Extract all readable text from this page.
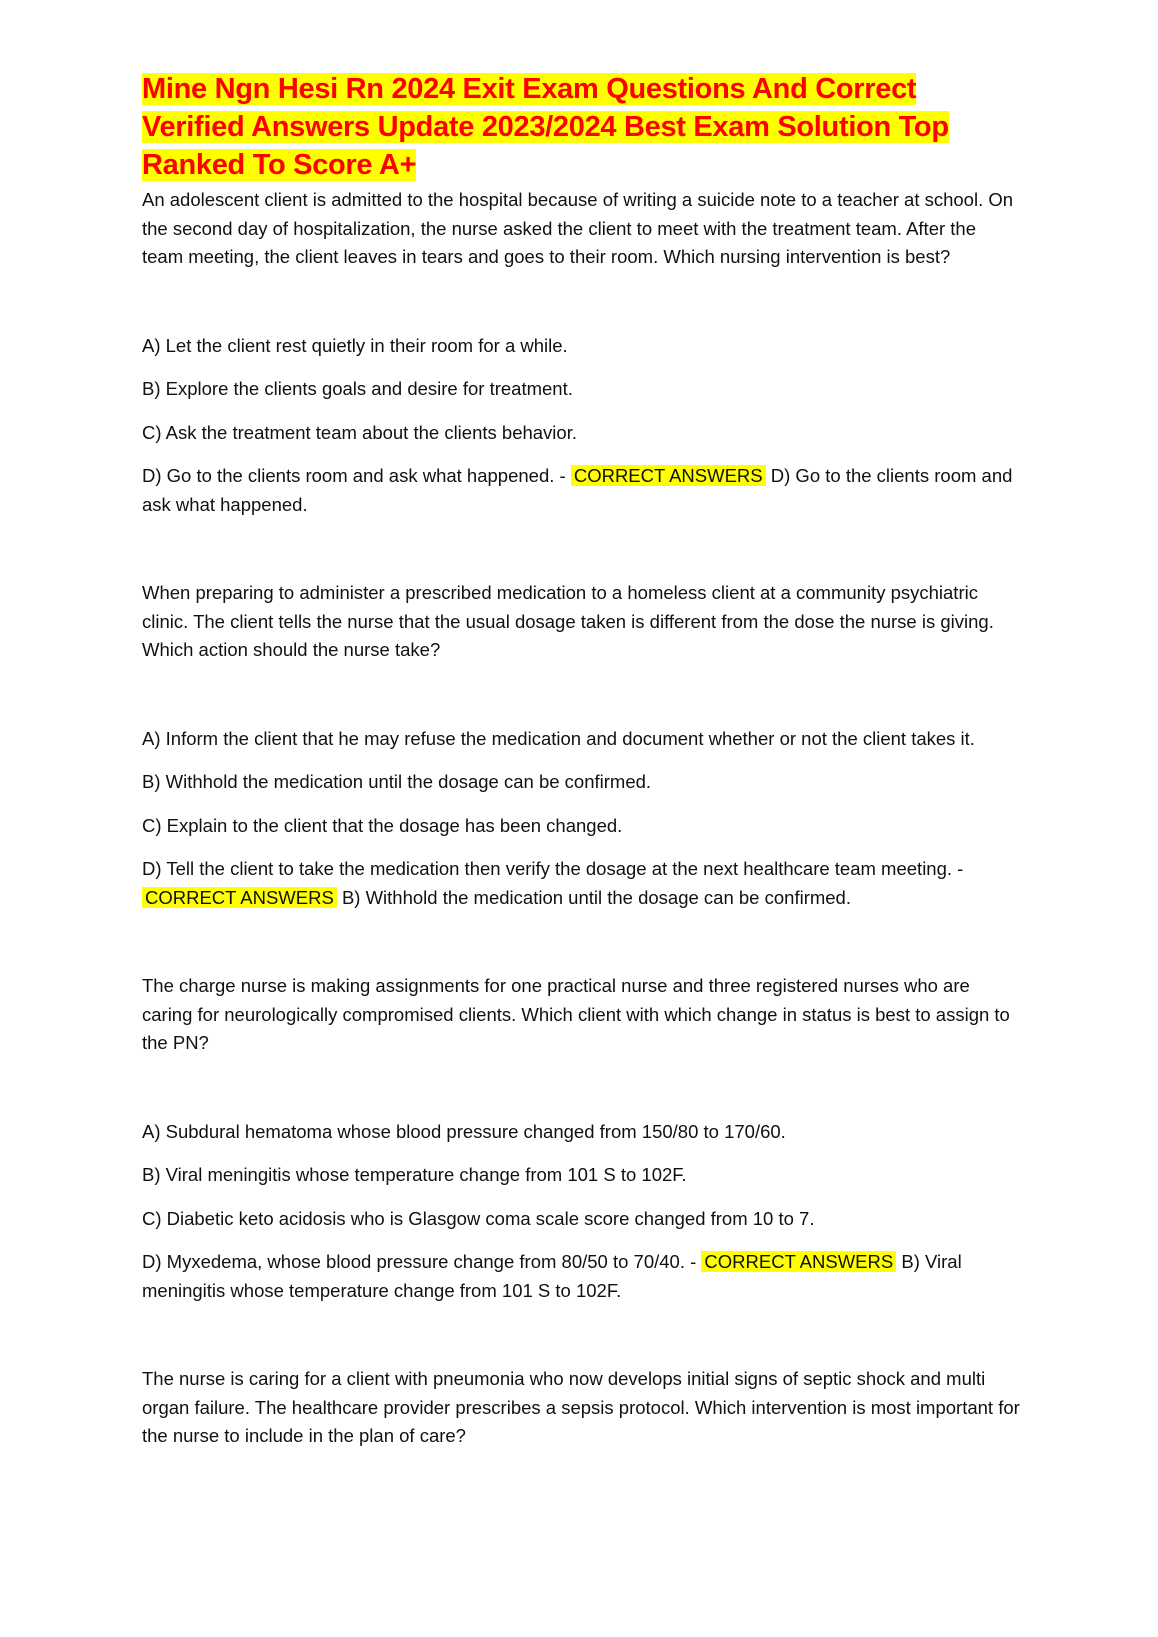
Mine Ngn Hesi Rn 2024 Exit Exam Questions And Correct Verified Answers Update 2023/2024 Best Exam Solution Top Ranked To Score A+

An adolescent client is admitted to the hospital because of writing a suicide note to a teacher at school. On the second day of hospitalization, the nurse asked the client to meet with the treatment team. After the team meeting, the client leaves in tears and goes to their room. Which nursing intervention is best?

A) Let the client rest quietly in their room for a while.

B) Explore the clients goals and desire for treatment.

C) Ask the treatment team about the clients behavior.

D) Go to the clients room and ask what happened. - CORRECT ANSWERS D) Go to the clients room and ask what happened.

When preparing to administer a prescribed medication to a homeless client at a community psychiatric clinic. The client tells the nurse that the usual dosage taken is different from the dose the nurse is giving. Which action should the nurse take?

A) Inform the client that he may refuse the medication and document whether or not the client takes it.

B) Withhold the medication until the dosage can be confirmed.

C) Explain to the client that the dosage has been changed.

D) Tell the client to take the medication then verify the dosage at the next healthcare team meeting. - CORRECT ANSWERS B) Withhold the medication until the dosage can be confirmed.

The charge nurse is making assignments for one practical nurse and three registered nurses who are caring for neurologically compromised clients. Which client with which change in status is best to assign to the PN?

A) Subdural hematoma whose blood pressure changed from 150/80 to 170/60.

B) Viral meningitis whose temperature change from 101 S to 102F.

C) Diabetic keto acidosis who is Glasgow coma scale score changed from 10 to 7.

D) Myxedema, whose blood pressure change from 80/50 to 70/40. - CORRECT ANSWERS B) Viral meningitis whose temperature change from 101 S to 102F.

The nurse is caring for a client with pneumonia who now develops initial signs of septic shock and multi organ failure. The healthcare provider prescribes a sepsis protocol. Which intervention is most important for the nurse to include in the plan of care?
